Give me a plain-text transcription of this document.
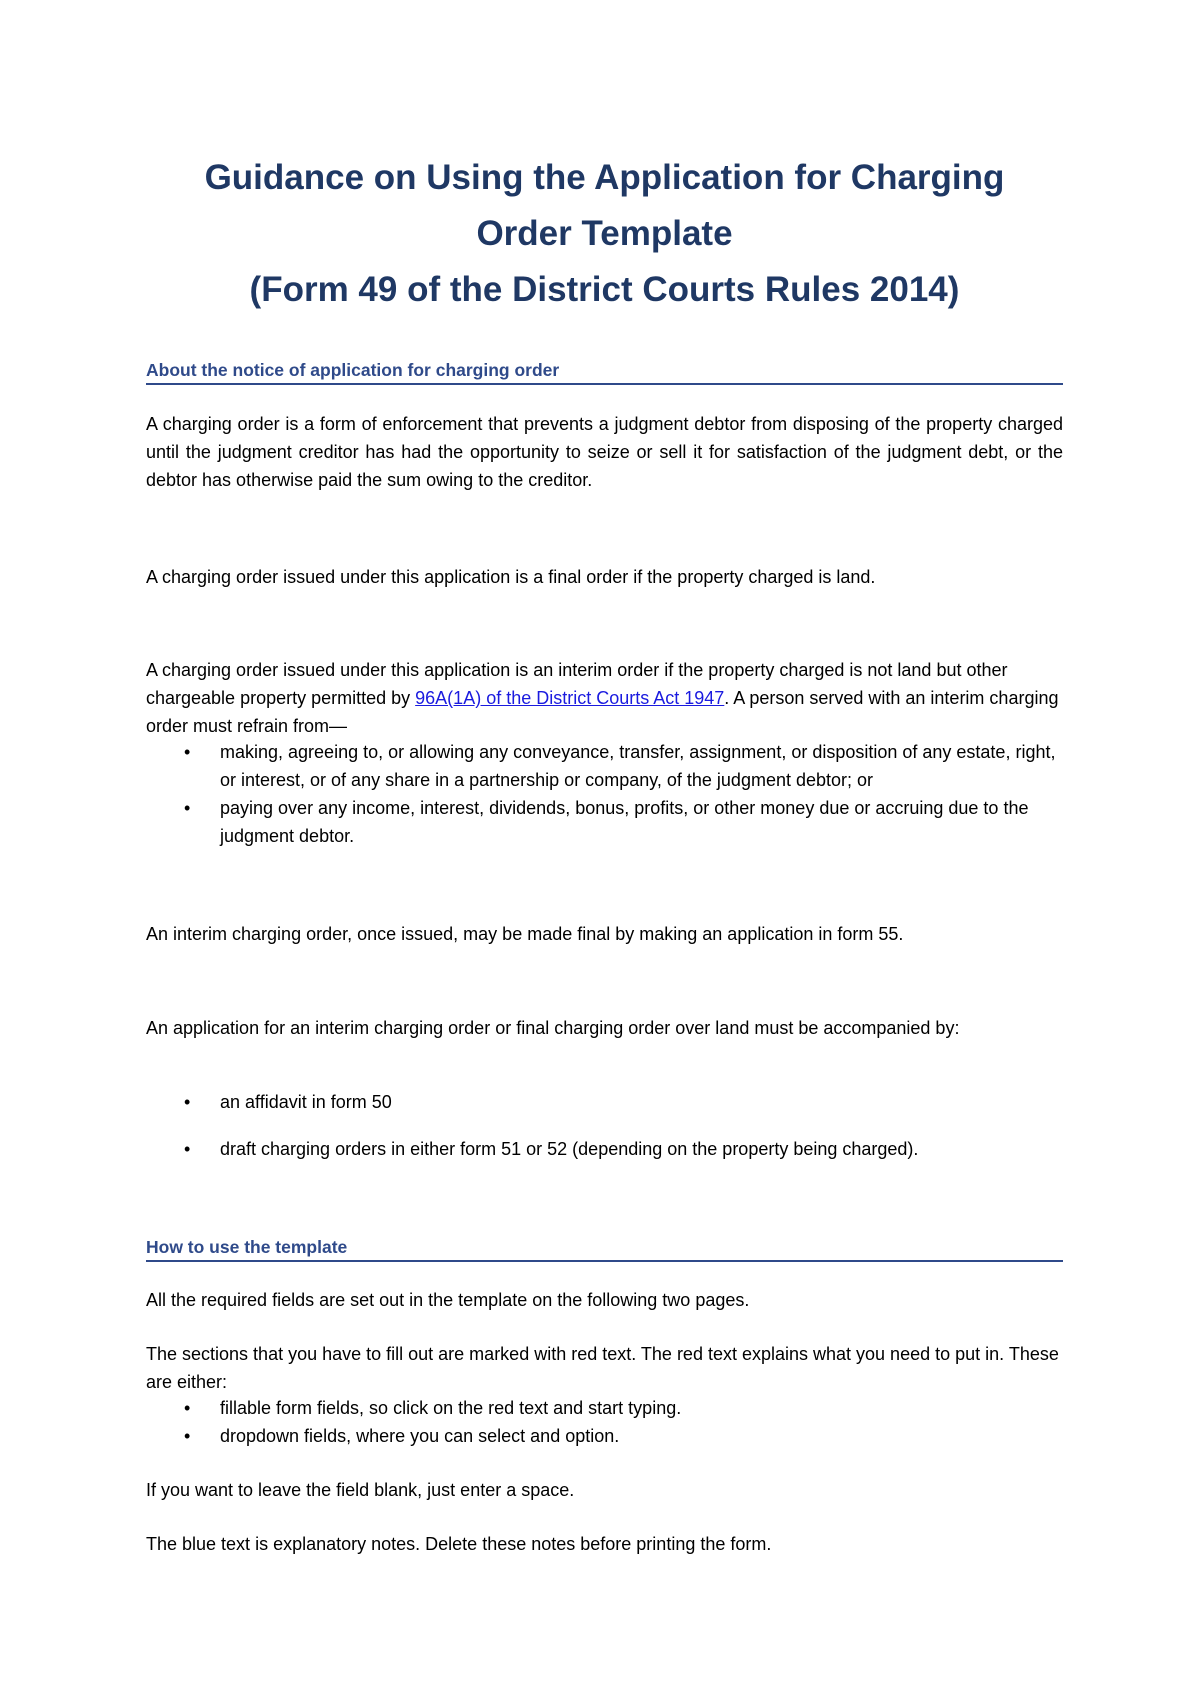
Guidance on Using the Application for Charging
Order Template
(Form 49 of the District Courts Rules 2014)
About the notice of application for charging order
A charging order is a form of enforcement that prevents a judgment debtor from disposing of the property charged until the judgment creditor has had the opportunity to seize or sell it for satisfaction of the judgment debt, or the debtor has otherwise paid the sum owing to the creditor.
A charging order issued under this application is a final order if the property charged is land.
A charging order issued under this application is an interim order if the property charged is not land but other chargeable property permitted by 96A(1A) of the District Courts Act 1947. A person served with an interim charging order must refrain from—
• making, agreeing to, or allowing any conveyance, transfer, assignment, or disposition of any estate, right, or interest, or of any share in a partnership or company, of the judgment debtor; or
• paying over any income, interest, dividends, bonus, profits, or other money due or accruing due to the judgment debtor.
An interim charging order, once issued, may be made final by making an application in form 55.
An application for an interim charging order or final charging order over land must be accompanied by:
• an affidavit in form 50
• draft charging orders in either form 51 or 52 (depending on the property being charged).
How to use the template
All the required fields are set out in the template on the following two pages.
The sections that you have to fill out are marked with red text. The red text explains what you need to put in. These are either:
• fillable form fields, so click on the red text and start typing.
• dropdown fields, where you can select and option.
If you want to leave the field blank, just enter a space.
The blue text is explanatory notes. Delete these notes before printing the form.
